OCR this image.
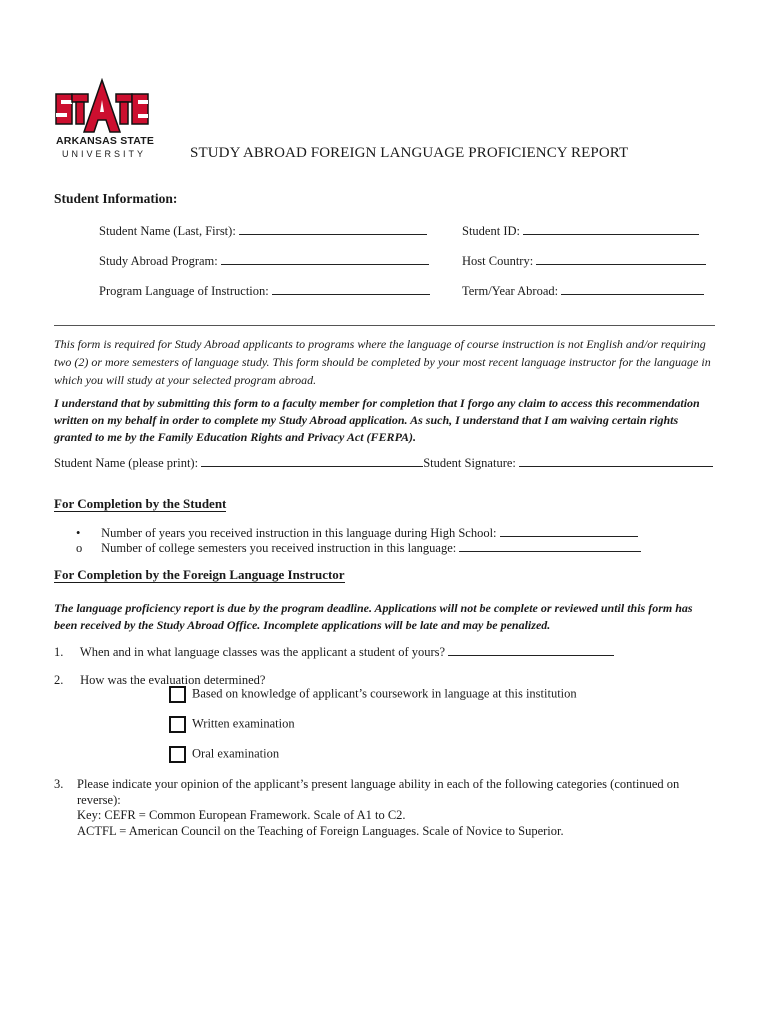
ARKANSAS STATE
UNIVERSITY	STUDY ABROAD FOREIGN LANGUAGE PROFICIENCY REPORT
Student Information:
Student Name (Last, First):	Student ID:
Study Abroad Program:	Host Country:
Program Language of Instruction:	Term/Year Abroad:
This form is required for Study Abroad applicants to programs where the language of course instruction is not English and/or requiring two (2) or more semesters of language study. This form should be completed by your most recent language instructor for the language in which you will study at your selected program abroad.
I understand that by submitting this form to a faculty member for completion that I forgo any claim to access this recommendation written on my behalf in order to complete my Study Abroad application. As such, I understand that I am waiving certain rights granted to me by the Family Education Rights and Privacy Act (FERPA).
Student Name (please print):	Student Signature:
For Completion by the Student
• Number of years you received instruction in this language during High School:
o Number of college semesters you received instruction in this language:
For Completion by the Foreign Language Instructor
The language proficiency report is due by the program deadline. Applications will not be complete or reviewed until this form has been received by the Study Abroad Office. Incomplete applications will be late and may be penalized.
1. When and in what language classes was the applicant a student of yours?
2. How was the evaluation determined?
Based on knowledge of applicant’s coursework in language at this institution
Written examination
Oral examination
3. Please indicate your opinion of the applicant’s present language ability in each of the following categories (continued on
reverse):
Key: CEFR = Common European Framework. Scale of A1 to C2.
ACTFL = American Council on the Teaching of Foreign Languages. Scale of Novice to Superior.
